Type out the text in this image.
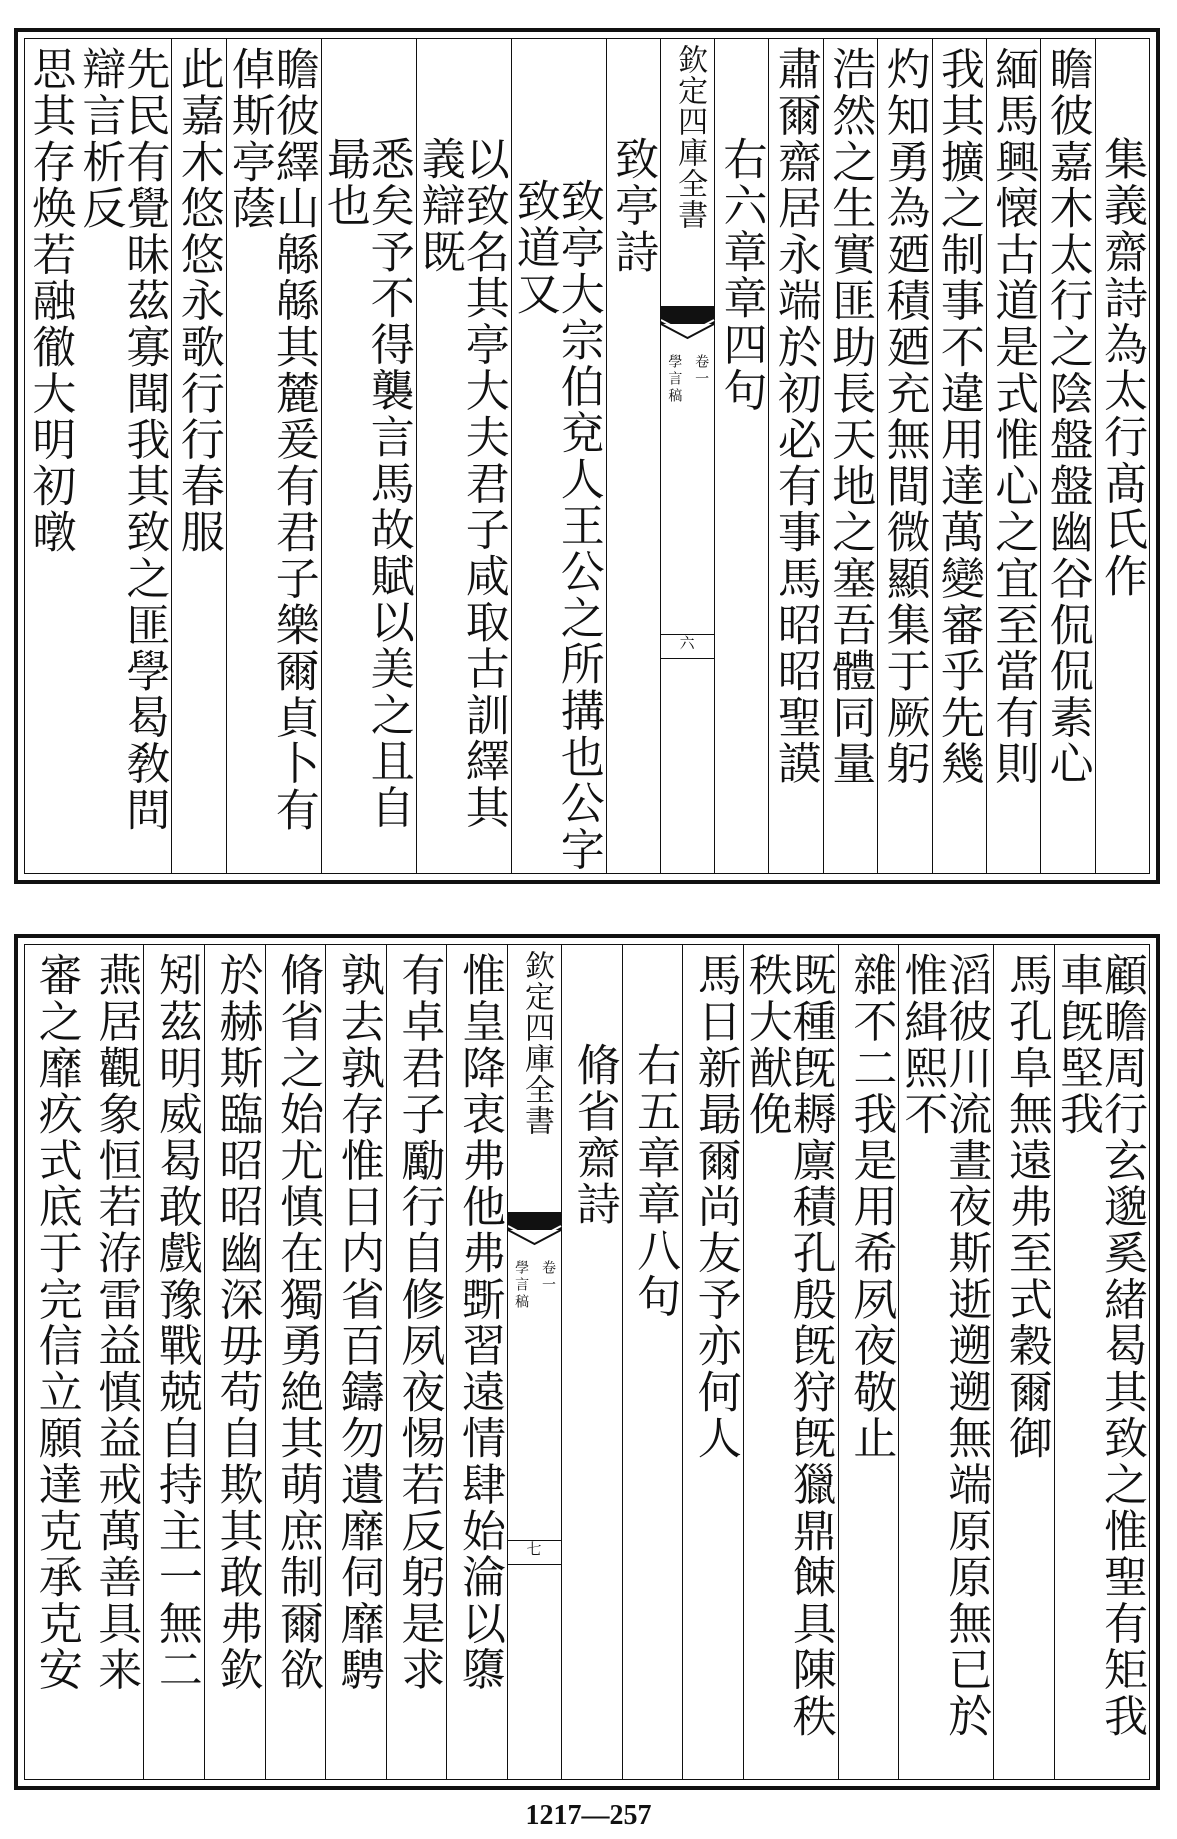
集義齋詩為太行髙氏作
瞻彼嘉木太行之陰盤盤幽谷侃侃素心
緬馬興懐古道是式惟心之宜至當有則
我其擴之制事不違用達萬變審乎先幾
灼知勇為廼積廼充無間微顯集于厥躬
浩然之生實匪助長天地之塞吾體同量
肅爾齋居永端於初必有事馬昭昭聖謨
右六章章四句
欽定四庫全書
學言稿 卷一
六
致亭詩
致亭大宗伯兗人王公之所搆也公字致道又
以致名其亭大夫君子咸取古訓繹其義辯既
悉矣予不得襲言馬故賦以美之且自朂也
瞻彼繹山緜緜其麓爰有君子樂爾貞卜有倬斯亭蔭
此嘉木悠悠永歌行行春服
先民有覺昧茲寡聞我其致之匪學曷敎問辯言析反
思其存焕若融徹大明初暾
顧瞻周行玄邈奚緒曷其致之惟聖有矩我車旣堅我
馬孔阜無遠弗至式穀爾御
滔彼川流晝夜斯逝遡遡無端原原無已於惟緝熙不
雜不二我是用希夙夜敬止
既種旣耨廪積孔殷旣狩旣獵鼎餗具陳秩秩大猷俛
馬日新朂爾尚友予亦何人
右五章章八句
脩省齋詩
欽定四庫全書
學言稿 卷一
七
惟皇降衷弗他弗斲習遠情肆始淪以隳
有卓君子勵行自修夙夜惕若反躬是求
孰去孰存惟日内省百鑄勿遺靡伺靡騁
脩省之始尤慎在獨勇絶其萌庶制爾欲
於赫斯臨昭昭幽深毋苟自欺其敢弗欽
矧茲明威曷敢戲豫戰兢自持主一無二
燕居觀象恒若洊雷益慎益戒萬善具来
審之靡疚式底于完信立願達克承克安
1217—257
